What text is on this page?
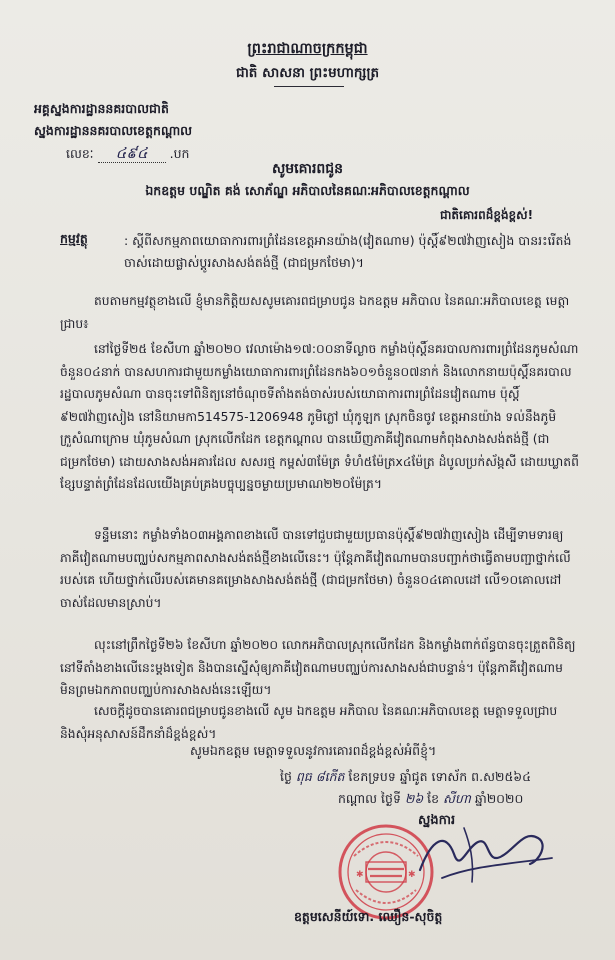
ព្រះរាជាណាចក្រកម្ពុជា
ជាតិ សាសនា ព្រះមហាក្សត្រ
អគ្គស្នងការដ្ឋាននគរបាលជាតិ
ស្នងការដ្ឋាននគរបាលខេត្តកណ្ដាល
លេខៈ ៤៩៤ .បក
សូមគោរពជូន
ឯកឧត្តម បណ្ឌិត គង់ សោភ័ណ្ឌ អភិបាលនៃគណៈអភិបាលខេត្តកណ្ដាល
ជាតិគោរពដ៏ខ្ពង់ខ្ពស់!
កម្មវត្ថុ	: ស្ដីពីសកម្មភាពយោធាការពារព្រំដែនខេត្តអានយ៉ាង(វៀតណាម) ប៉ុស្តិ៍៩២៧វ៉ាញសៀង បានរះរើតង់ចាស់ដោយផ្លាស់ប្ដូរសាងសង់តង់ថ្មី (ជាជម្រកថែមា)។
តបតាមកម្មវត្ថុខាងលើ ខ្ញុំមានកិត្តិយសសូមគោរពជម្រាបជូន ឯកឧត្តម អភិបាល នៃគណៈអភិបាលខេត្ត មេត្តាជ្រាប៖
នៅថ្ងៃទី២៥ ខែសីហា ឆ្នាំ២០២០ វេលាម៉ោង១៧:០០នាទីល្ងាច កម្លាំងប៉ុស្តិ៍នគរបាលការពារព្រំដែនភូមសំណា ចំនួន០៤នាក់ បានសហការជាមួយកម្លាំងយោធាការពារព្រំដែនកង៦០១ចំនួន០៧នាក់ និងលោកនាយប៉ុស្តិ៍នគរបាលរដ្ឋបាលភូមសំណា បានចុះទៅពិនិត្យនៅចំណុចទីតាំងតង់ចាស់របស់យោធាការពារព្រំដែនវៀតណាម ប៉ុស្តិ៍ ៩២៧វ៉ាញសៀង នៅនិយាមកា514575-1206948 ភូមិភ្លៅ ឃុំកូឡក ស្រុកចិនចូវ ខេត្តអានយ៉ាង ទល់នឹងភូមិក្រួសំណាក្រោម ឃុំភូមសំណា ស្រុកលើកដែក ខេត្តកណ្ដាល បានឃើញភាគីវៀតណាមកំពុងសាងសង់តង់ថ្មី (ជាជម្រកថែមា) ដោយសាងសង់អគារដែល សសរថ្ម កម្ពស់៣ម៉ែត្រ ទំហំ៥ម៉ែត្រx៤ម៉ែត្រ ដំបូលប្រក់ស័ង្កសី ដោយឃ្លាតពីខ្សែបន្ទាត់ព្រំដែនដែលយើងគ្រប់គ្រងបច្ចុប្បន្នចម្ងាយប្រមាណ២២០ម៉ែត្រ។
ទន្ទឹមនោះ កម្លាំងទាំង០៣អង្គភាពខាងលើ បានទៅជួបជាមួយប្រធានប៉ុស្តិ៍៩២៧វ៉ាញសៀង ដើម្បីទាមទារឲ្យភាគីវៀតណាមបញ្ឈប់សកម្មភាពសាងសង់តង់ថ្មីខាងលើនេះ។ ប៉ុន្តែភាគីវៀតណាមបានបញ្ជាក់ថាធ្វើតាមបញ្ជាថ្នាក់លើរបស់គេ ហើយថ្នាក់លើរបស់គេមានគម្រោងសាងសង់តង់ថ្មី (ជាជម្រកថែមា) ចំនួន០៤គោលដៅ លើ១០គោលដៅចាស់ដែលមានស្រាប់។
លុះនៅព្រឹកថ្ងៃទី២៦ ខែសីហា ឆ្នាំ២០២០ លោកអភិបាលស្រុកលើកដែក និងកម្លាំងពាក់ព័ន្ធបានចុះត្រួតពិនិត្យនៅទីតាំងខាងលើនេះម្ដងទៀត និងបានស្នើសុំឲ្យភាគីវៀតណាមបញ្ឈប់ការសាងសង់ជាបន្ទាន់។ ប៉ុន្តែភាគីវៀតណាម មិនព្រមឯកភាពបញ្ឈប់ការសាងសង់នេះឡើយ។
សេចក្ដីដូចបានគោរពជម្រាបជូនខាងលើ សូម ឯកឧត្តម អភិបាល នៃគណៈអភិបាលខេត្ត មេត្តាទទួលជ្រាប និងសុំអនុសាសន៍ដឹកនាំដ៏ខ្ពង់ខ្ពស់។
សូមឯកឧត្តម មេត្តាទទួលនូវការគោរពដ៏ខ្ពង់ខ្ពស់អំពីខ្ញុំ។
ថ្ងៃ ពុធ ៨កើត ខែភទ្របទ ឆ្នាំជូត ទោស័ក ព.ស២៥៦៤
កណ្ដាល ថ្ងៃទី ២៦ ខែ សីហា ឆ្នាំ២០២០
ស្នងការ
✱	✱
ឧត្តមសេនីយ៍ទោ. ឈឿន-សុចិត្ត
